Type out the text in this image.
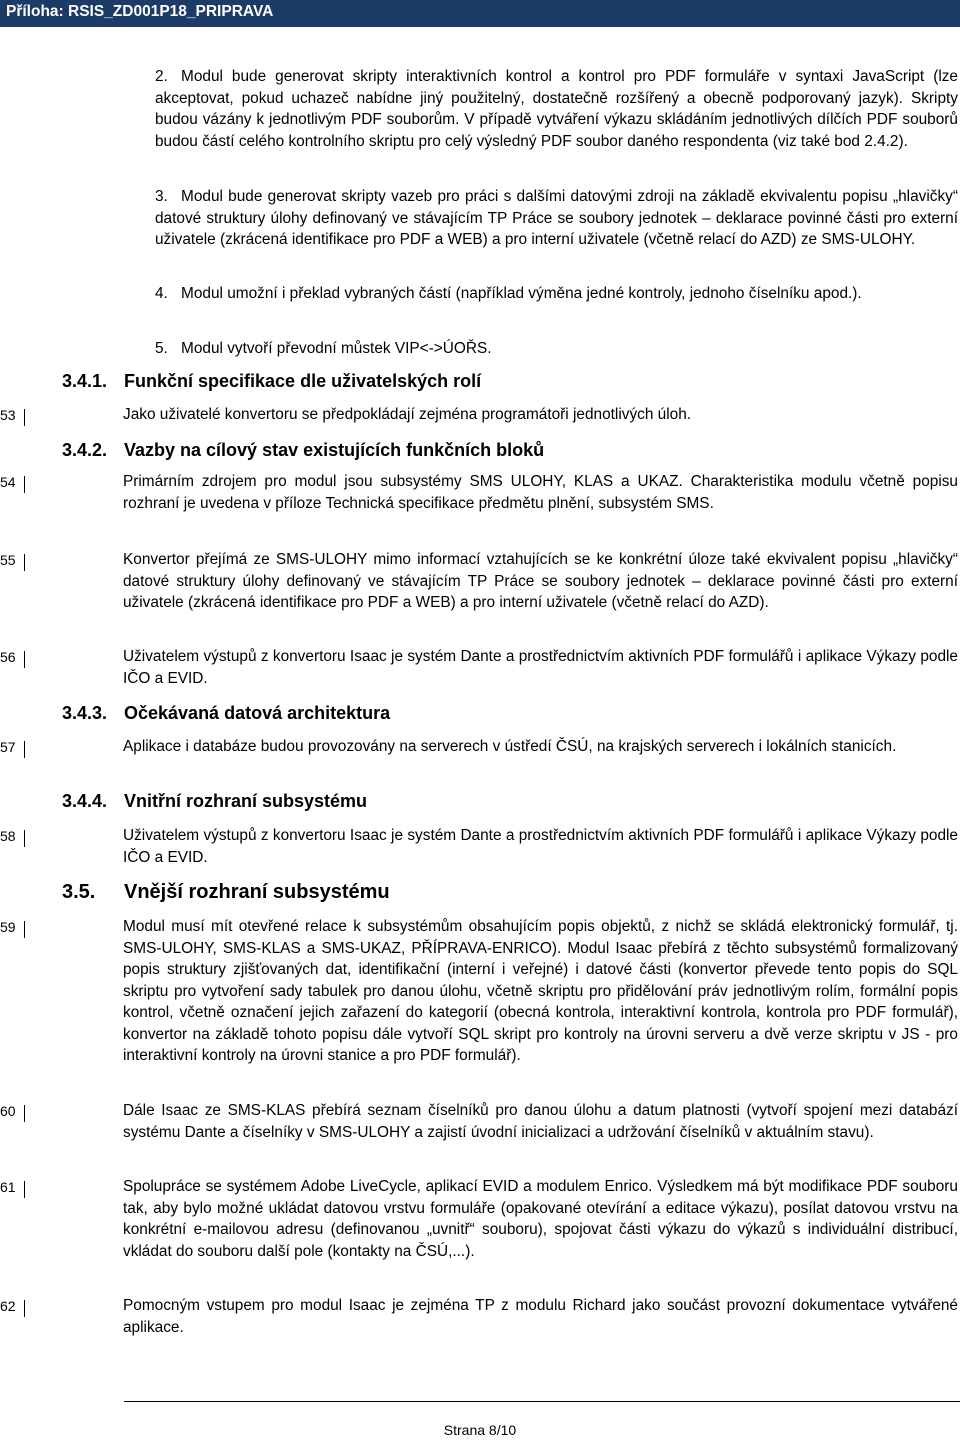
Příloha: RSIS_ZD001P18_PRIPRAVA
2. Modul bude generovat skripty interaktivních kontrol a kontrol pro PDF formuláře v syntaxi JavaScript (lze akceptovat, pokud uchazeč nabídne jiný použitelný, dostatečně rozšířený a obecně podporovaný jazyk). Skripty budou vázány k jednotlivým PDF souborům. V případě vytváření výkazu skládáním jednotlivých dílčích PDF souborů budou částí celého kontrolního skriptu pro celý výsledný PDF soubor daného respondenta (viz také bod 2.4.2).
3. Modul bude generovat skripty vazeb pro práci s dalšími datovými zdroji na základě ekvivalentu popisu „hlavičky“ datové struktury úlohy definovaný ve stávajícím TP Práce se soubory jednotek – deklarace povinné části pro externí uživatele (zkrácená identifikace pro PDF a WEB) a pro interní uživatele (včetně relací do AZD) ze SMS-ULOHY.
4. Modul umožní i překlad vybraných částí (například výměna jedné kontroly, jednoho číselníku apod.).
5. Modul vytvoří převodní můstek VIP<->ÚOŘS.
3.4.1. Funkční specifikace dle uživatelských rolí
53	Jako uživatelé konvertoru se předpokládají zejména programátoři jednotlivých úloh.
3.4.2. Vazby na cílový stav existujících funkčních bloků
54	Primárním zdrojem pro modul jsou subsystémy SMS ULOHY, KLAS a UKAZ. Charakteristika modulu včetně popisu rozhraní je uvedena v příloze Technická specifikace předmětu plnění, subsystém SMS.
55	Konvertor přejímá ze SMS-ULOHY mimo informací vztahujících se ke konkrétní úloze také ekvivalent popisu „hlavičky“ datové struktury úlohy definovaný ve stávajícím TP Práce se soubory jednotek – deklarace povinné části pro externí uživatele (zkrácená identifikace pro PDF a WEB) a pro interní uživatele (včetně relací do AZD).
56	Uživatelem výstupů z konvertoru Isaac je systém Dante a prostřednictvím aktivních PDF formulářů i aplikace Výkazy podle IČO a EVID.
3.4.3. Očekávaná datová architektura
57	Aplikace i databáze budou provozovány na serverech v ústředí ČSÚ, na krajských serverech i lokálních stanicích.
3.4.4. Vnitřní rozhraní subsystému
58	Uživatelem výstupů z konvertoru Isaac je systém Dante a prostřednictvím aktivních PDF formulářů i aplikace Výkazy podle IČO a EVID.
3.5. Vnější rozhraní subsystému
59	Modul musí mít otevřené relace k subsystémům obsahujícím popis objektů, z nichž se skládá elektronický formulář, tj. SMS-ULOHY, SMS-KLAS a SMS-UKAZ, PŘÍPRAVA-ENRICO). Modul Isaac přebírá z těchto subsystémů formalizovaný popis struktury zjišťovaných dat, identifikační (interní i veřejné) i datové části (konvertor převede tento popis do SQL skriptu pro vytvoření sady tabulek pro danou úlohu, včetně skriptu pro přidělování práv jednotlivým rolím, formální popis kontrol, včetně označení jejich zařazení do kategorií (obecná kontrola, interaktivní kontrola, kontrola pro PDF formulář), konvertor na základě tohoto popisu dále vytvoří SQL skript pro kontroly na úrovni serveru a dvě verze skriptu v JS - pro interaktivní kontroly na úrovni stanice a pro PDF formulář).
60	Dále Isaac ze SMS-KLAS přebírá seznam číselníků pro danou úlohu a datum platnosti (vytvoří spojení mezi databází systému Dante a číselníky v SMS-ULOHY a zajistí úvodní inicializaci a udržování číselníků v aktuálním stavu).
61	Spolupráce se systémem Adobe LiveCycle, aplikací EVID a modulem Enrico. Výsledkem má být modifikace PDF souboru tak, aby bylo možné ukládat datovou vrstvu formuláře (opakované otevírání a editace výkazu), posílat datovou vrstvu na konkrétní e-mailovou adresu (definovanou „uvnitř“ souboru), spojovat části výkazu do výkazů s individuální distribucí, vkládat do souboru další pole (kontakty na ČSÚ,...).
62	Pomocným vstupem pro modul Isaac je zejména TP z modulu Richard jako součást provozní dokumentace vytvářené aplikace.
Strana 8/10
